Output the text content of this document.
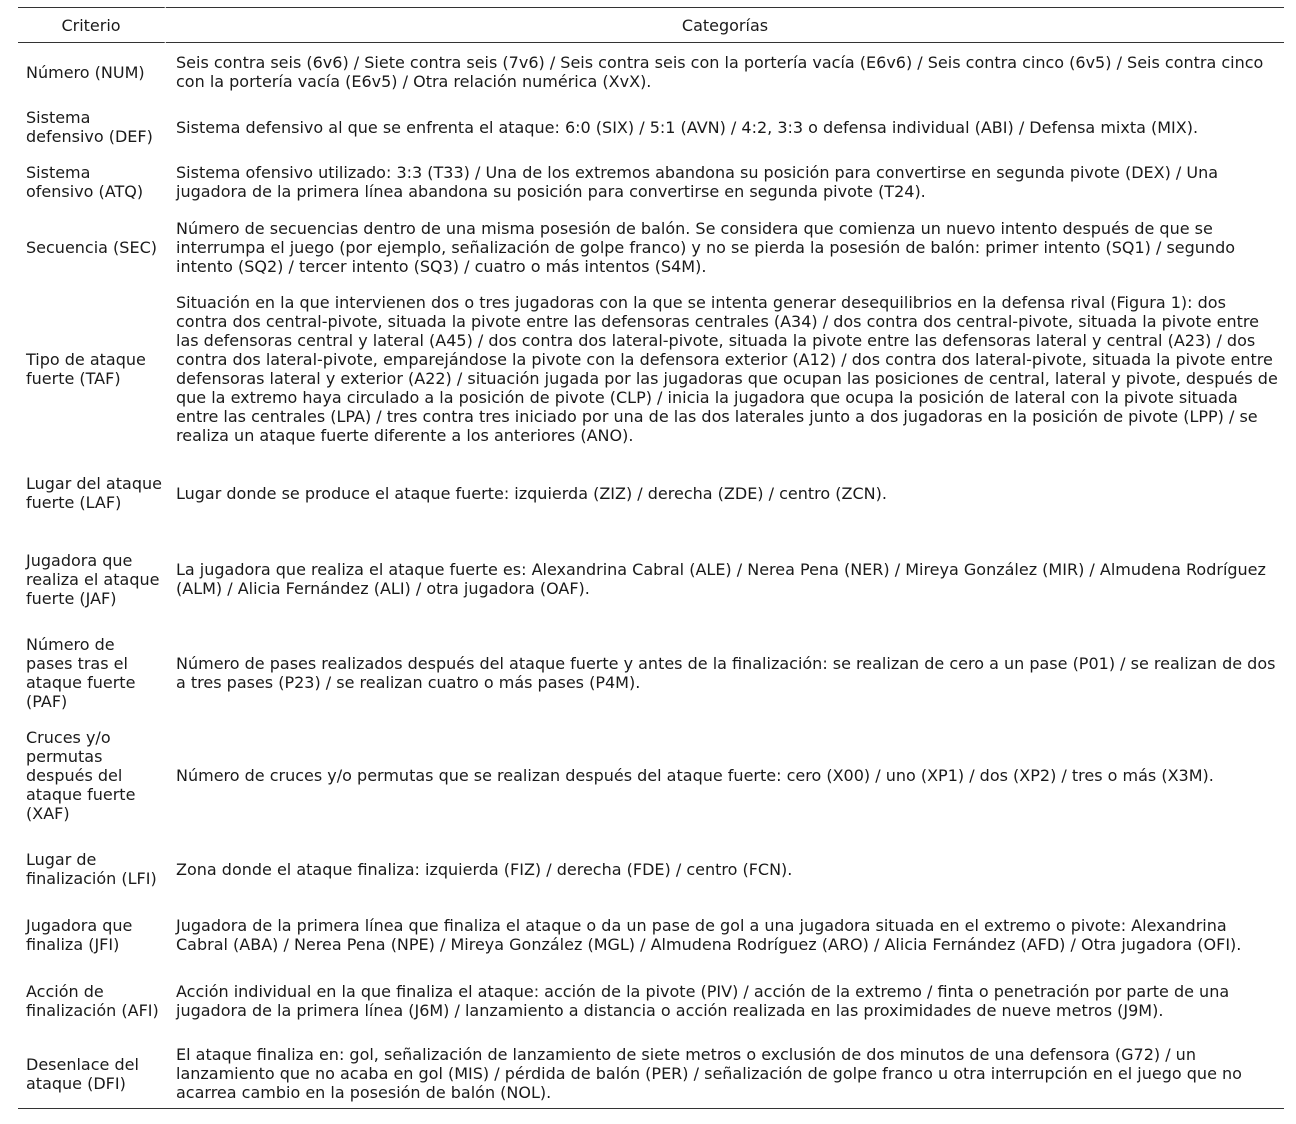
Criterio	Categorías
Número (NUM)	Seis contra seis (6v6) / Siete contra seis (7v6) / Seis contra seis con la portería vacía (E6v6) / Seis contra cinco (6v5) / Seis contra cinco con la portería vacía (E6v5) / Otra relación numérica (XvX).
Sistema defensivo (DEF)	Sistema defensivo al que se enfrenta el ataque: 6:0 (SIX) / 5:1 (AVN) / 4:2, 3:3 o defensa individual (ABI) / Defensa mixta (MIX).
Sistema ofensivo (ATQ)	Sistema ofensivo utilizado: 3:3 (T33) / Una de los extremos abandona su posición para convertirse en segunda pivote (DEX) / Una jugadora de la primera línea abandona su posición para convertirse en segunda pivote (T24).
Secuencia (SEC)	Número de secuencias dentro de una misma posesión de balón. Se considera que comienza un nuevo intento después de que se interrumpa el juego (por ejemplo, señalización de golpe franco) y no se pierda la posesión de balón: primer intento (SQ1) / segundo intento (SQ2) / tercer intento (SQ3) / cuatro o más intentos (S4M).
Tipo de ataque fuerte (TAF)	Situación en la que intervienen dos o tres jugadoras con la que se intenta generar desequilibrios en la defensa rival (Figura 1): dos contra dos central-pivote, situada la pivote entre las defensoras centrales (A34) / dos contra dos central-pivote, situada la pivote entre las defensoras central y lateral (A45) / dos contra dos lateral-pivote, situada la pivote entre las defensoras lateral y central (A23) / dos contra dos lateral-pivote, emparejándose la pivote con la defensora exterior (A12) / dos contra dos lateral-pivote, situada la pivote entre defensoras lateral y exterior (A22) / situación jugada por las jugadoras que ocupan las posiciones de central, lateral y pivote, después de que la extremo haya circulado a la posición de pivote (CLP) / inicia la jugadora que ocupa la posición de lateral con la pivote situada entre las centrales (LPA) / tres contra tres iniciado por una de las dos laterales junto a dos jugadoras en la posición de pivote (LPP) / se realiza un ataque fuerte diferente a los anteriores (ANO).
Lugar del ataque fuerte (LAF)	Lugar donde se produce el ataque fuerte: izquierda (ZIZ) / derecha (ZDE) / centro (ZCN).
Jugadora que realiza el ataque fuerte (JAF)	La jugadora que realiza el ataque fuerte es: Alexandrina Cabral (ALE) / Nerea Pena (NER) / Mireya González (MIR) / Almudena Rodríguez (ALM) / Alicia Fernández (ALI) / otra jugadora (OAF).
Número de pases tras el ataque fuerte (PAF)	Número de pases realizados después del ataque fuerte y antes de la finalización: se realizan de cero a un pase (P01) / se realizan de dos a tres pases (P23) / se realizan cuatro o más pases (P4M).
Cruces y/o permutas después del ataque fuerte (XAF)	Número de cruces y/o permutas que se realizan después del ataque fuerte: cero (X00) / uno (XP1) / dos (XP2) / tres o más (X3M).
Lugar de finalización (LFI)	Zona donde el ataque finaliza: izquierda (FIZ) / derecha (FDE) / centro (FCN).
Jugadora que finaliza (JFI)	Jugadora de la primera línea que finaliza el ataque o da un pase de gol a una jugadora situada en el extremo o pivote: Alexandrina Cabral (ABA) / Nerea Pena (NPE) / Mireya González (MGL) / Almudena Rodríguez (ARO) / Alicia Fernández (AFD) / Otra jugadora (OFI).
Acción de finalización (AFI)	Acción individual en la que finaliza el ataque: acción de la pivote (PIV) / acción de la extremo / finta o penetración por parte de una jugadora de la primera línea (J6M) / lanzamiento a distancia o acción realizada en las proximidades de nueve metros (J9M).
Desenlace del ataque (DFI)	El ataque finaliza en: gol, señalización de lanzamiento de siete metros o exclusión de dos minutos de una defensora (G72) / un lanzamiento que no acaba en gol (MIS) / pérdida de balón (PER) / señalización de golpe franco u otra interrupción en el juego que no acarrea cambio en la posesión de balón (NOL).
